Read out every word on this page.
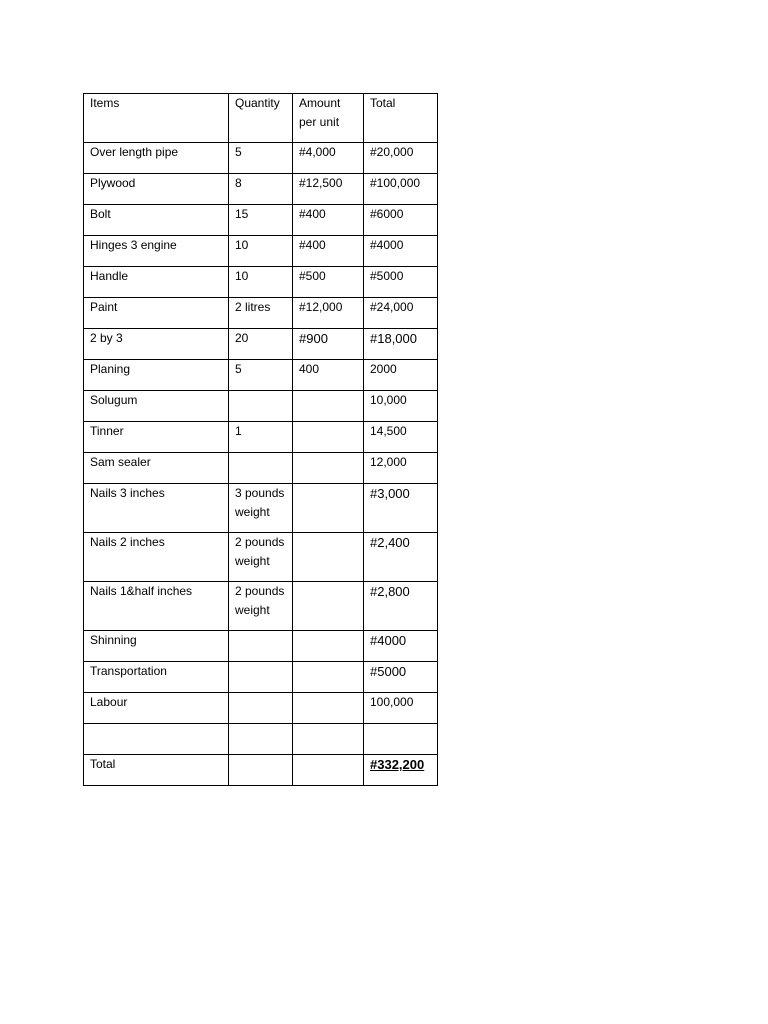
Items	Quantity	Amount per unit	Total
Over length pipe	5	#4,000	#20,000
Plywood	8	#12,500	#100,000
Bolt	15	#400	#6000
Hinges 3 engine	10	#400	#4000
Handle	10	#500	#5000
Paint	2 litres	#12,000	#24,000
2 by 3	20	#900	#18,000
Planing	5	400	2000
Solugum			10,000
Tinner	1		14,500
Sam sealer			12,000
Nails 3 inches	3 pounds weight		#3,000
Nails 2 inches	2 pounds weight		#2,400
Nails 1&half inches	2 pounds weight		#2,800
Shinning			#4000
Transportation			#5000
Labour			100,000

Total			#332,200
